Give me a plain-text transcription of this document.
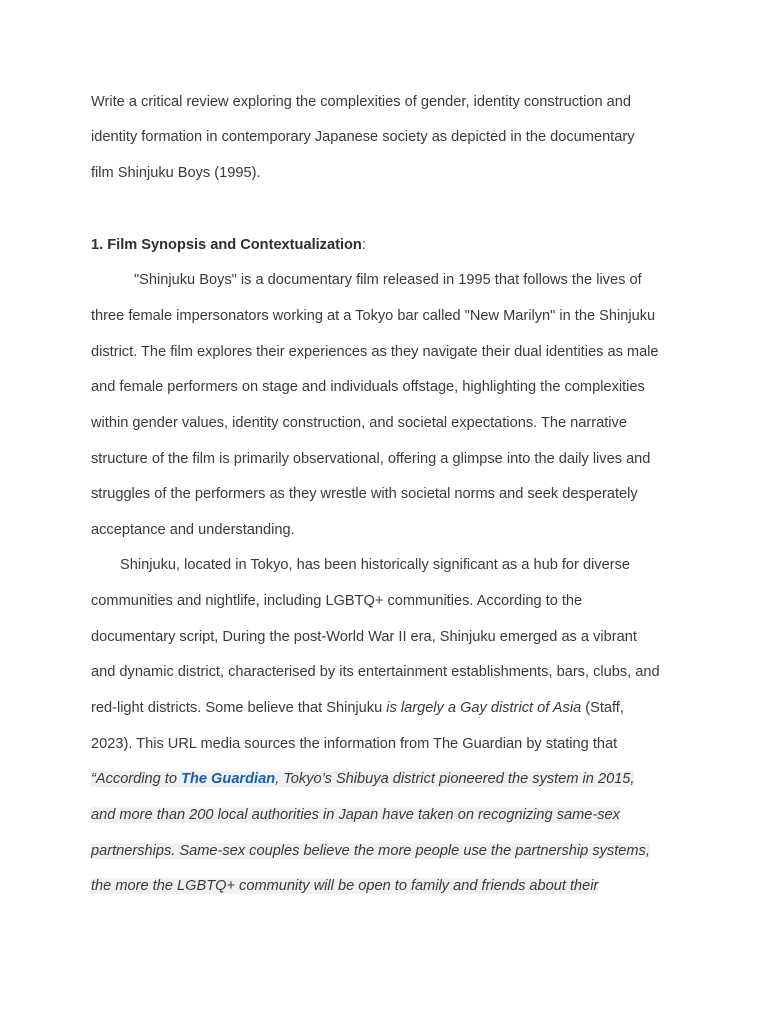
Write a critical review exploring the complexities of gender, identity construction and
identity formation in contemporary Japanese society as depicted in the documentary
film Shinjuku Boys (1995).
1. Film Synopsis and Contextualization:
"Shinjuku Boys" is a documentary film released in 1995 that follows the lives of
three female impersonators working at a Tokyo bar called "New Marilyn" in the Shinjuku
district. The film explores their experiences as they navigate their dual identities as male
and female performers on stage and individuals offstage, highlighting the complexities
within gender values, identity construction, and societal expectations. The narrative
structure of the film is primarily observational, offering a glimpse into the daily lives and
struggles of the performers as they wrestle with societal norms and seek desperately
acceptance and understanding.
Shinjuku, located in Tokyo, has been historically significant as a hub for diverse
communities and nightlife, including LGBTQ+ communities. According to the
documentary script, During the post-World War II era, Shinjuku emerged as a vibrant
and dynamic district, characterised by its entertainment establishments, bars, clubs, and
red-light districts. Some believe that Shinjuku is largely a Gay district of Asia (Staff,
2023). This URL media sources the information from The Guardian by stating that
“According to The Guardian, Tokyo’s Shibuya district pioneered the system in 2015,
and more than 200 local authorities in Japan have taken on recognizing same-sex
partnerships. Same-sex couples believe the more people use the partnership systems,
the more the LGBTQ+ community will be open to family and friends about their
